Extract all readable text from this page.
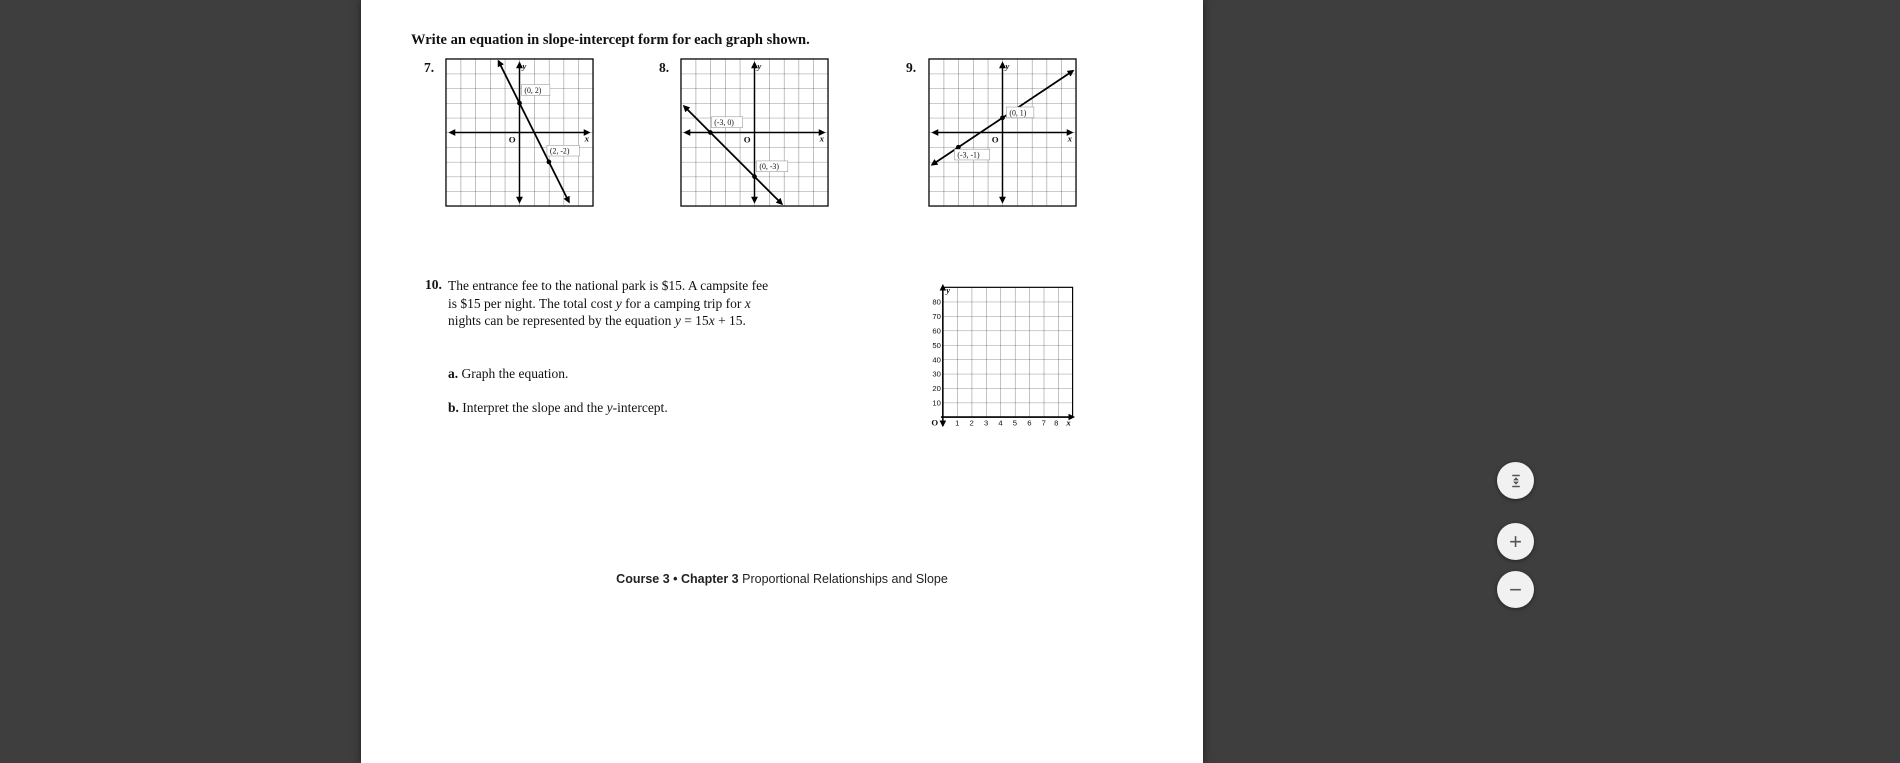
Write an equation in slope-intercept form for each graph shown.
7.
(0, 2)
(2, -2)
O	x
y	8.
(-3, 0)
(0, -3)
O	x
y	9.
(0, 1)
(-3, -1)
O	x
y
10. The entrance fee to the national park is $15. A campsite fee is $15 per night. The total cost y for a camping trip for x nights can be represented by the equation y = 15x + 15.
a. Graph the equation.
b. Interpret the slope and the y-intercept.
80
70
60
50
40
30
20
10
1 2 3 4 5 6 7 8
O
y
x
Course 3 • Chapter 3 Proportional Relationships and Slope
+
−
